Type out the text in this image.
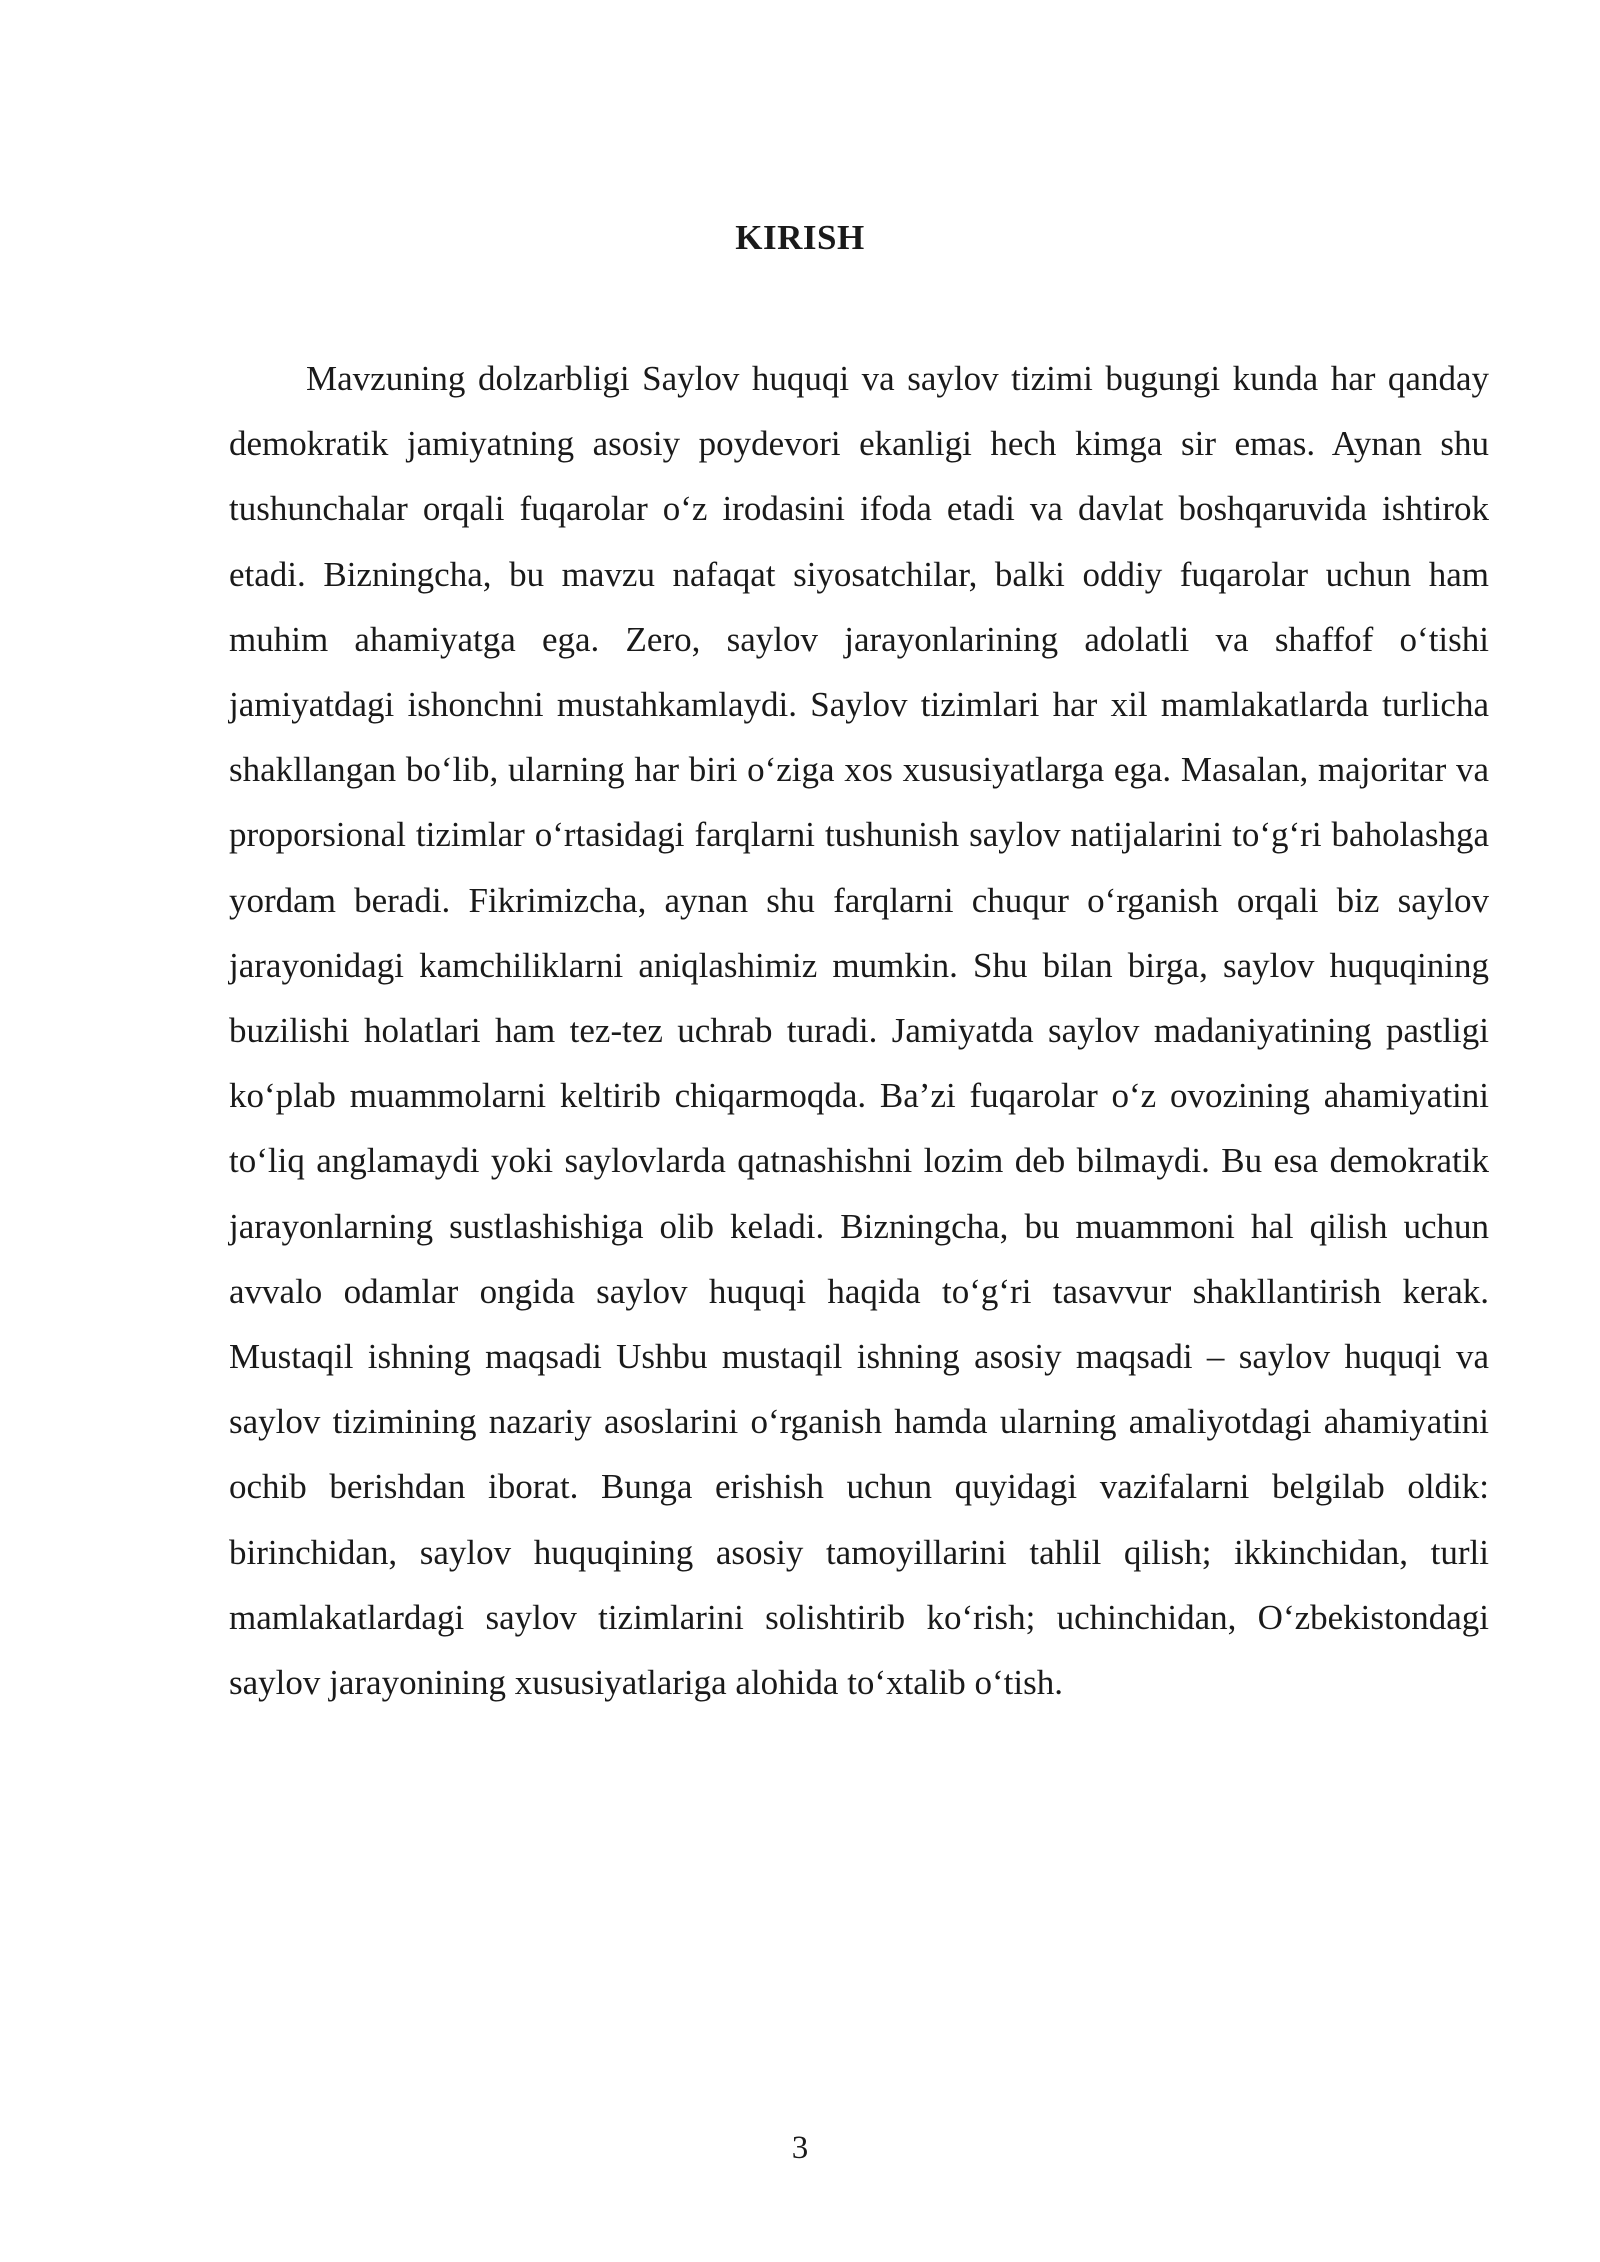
KIRISH

Mavzuning dolzarbligi Saylov huquqi va saylov tizimi bugungi kunda har qanday demokratik jamiyatning asosiy poydevori ekanligi hech kimga sir emas. Aynan shu tushunchalar orqali fuqarolar o‘z irodasini ifoda etadi va davlat boshqaruvida ishtirok etadi. Bizningcha, bu mavzu nafaqat siyosatchilar, balki oddiy fuqarolar uchun ham muhim ahamiyatga ega. Zero, saylov jarayonlarining adolatli va shaffof o‘tishi jamiyatdagi ishonchni mustahkamlaydi. Saylov tizimlari har xil mamlakatlarda turlicha shakllangan bo‘lib, ularning har biri o‘ziga xos xususiyatlarga ega. Masalan, majoritar va proporsional tizimlar o‘rtasidagi farqlarni tushunish saylov natijalarini to‘g‘ri baholashga yordam beradi. Fikrimizcha, aynan shu farqlarni chuqur o‘rganish orqali biz saylov jarayonidagi kamchiliklarni aniqlashimiz mumkin. Shu bilan birga, saylov huquqining buzilishi holatlari ham tez-tez uchrab turadi. Jamiyatda saylov madaniyatining pastligi ko‘plab muammolarni keltirib chiqarmoqda. Ba’zi fuqarolar o‘z ovozining ahamiyatini to‘liq anglamaydi yoki saylovlarda qatnashishni lozim deb bilmaydi. Bu esa demokratik jarayonlarning sustlashishiga olib keladi. Bizningcha, bu muammoni hal qilish uchun avvalo odamlar ongida saylov huquqi haqida to‘g‘ri tasavvur shakllantirish kerak. Mustaqil ishning maqsadi Ushbu mustaqil ishning asosiy maqsadi – saylov huquqi va saylov tizimining nazariy asoslarini o‘rganish hamda ularning amaliyotdagi ahamiyatini ochib berishdan iborat. Bunga erishish uchun quyidagi vazifalarni belgilab oldik: birinchidan, saylov huquqining asosiy tamoyillarini tahlil qilish; ikkinchidan, turli mamlakatlardagi saylov tizimlarini solishtirib ko‘rish; uchinchidan, O‘zbekistondagi saylov jarayonining xususiyatlariga alohida to‘xtalib o‘tish.

3
